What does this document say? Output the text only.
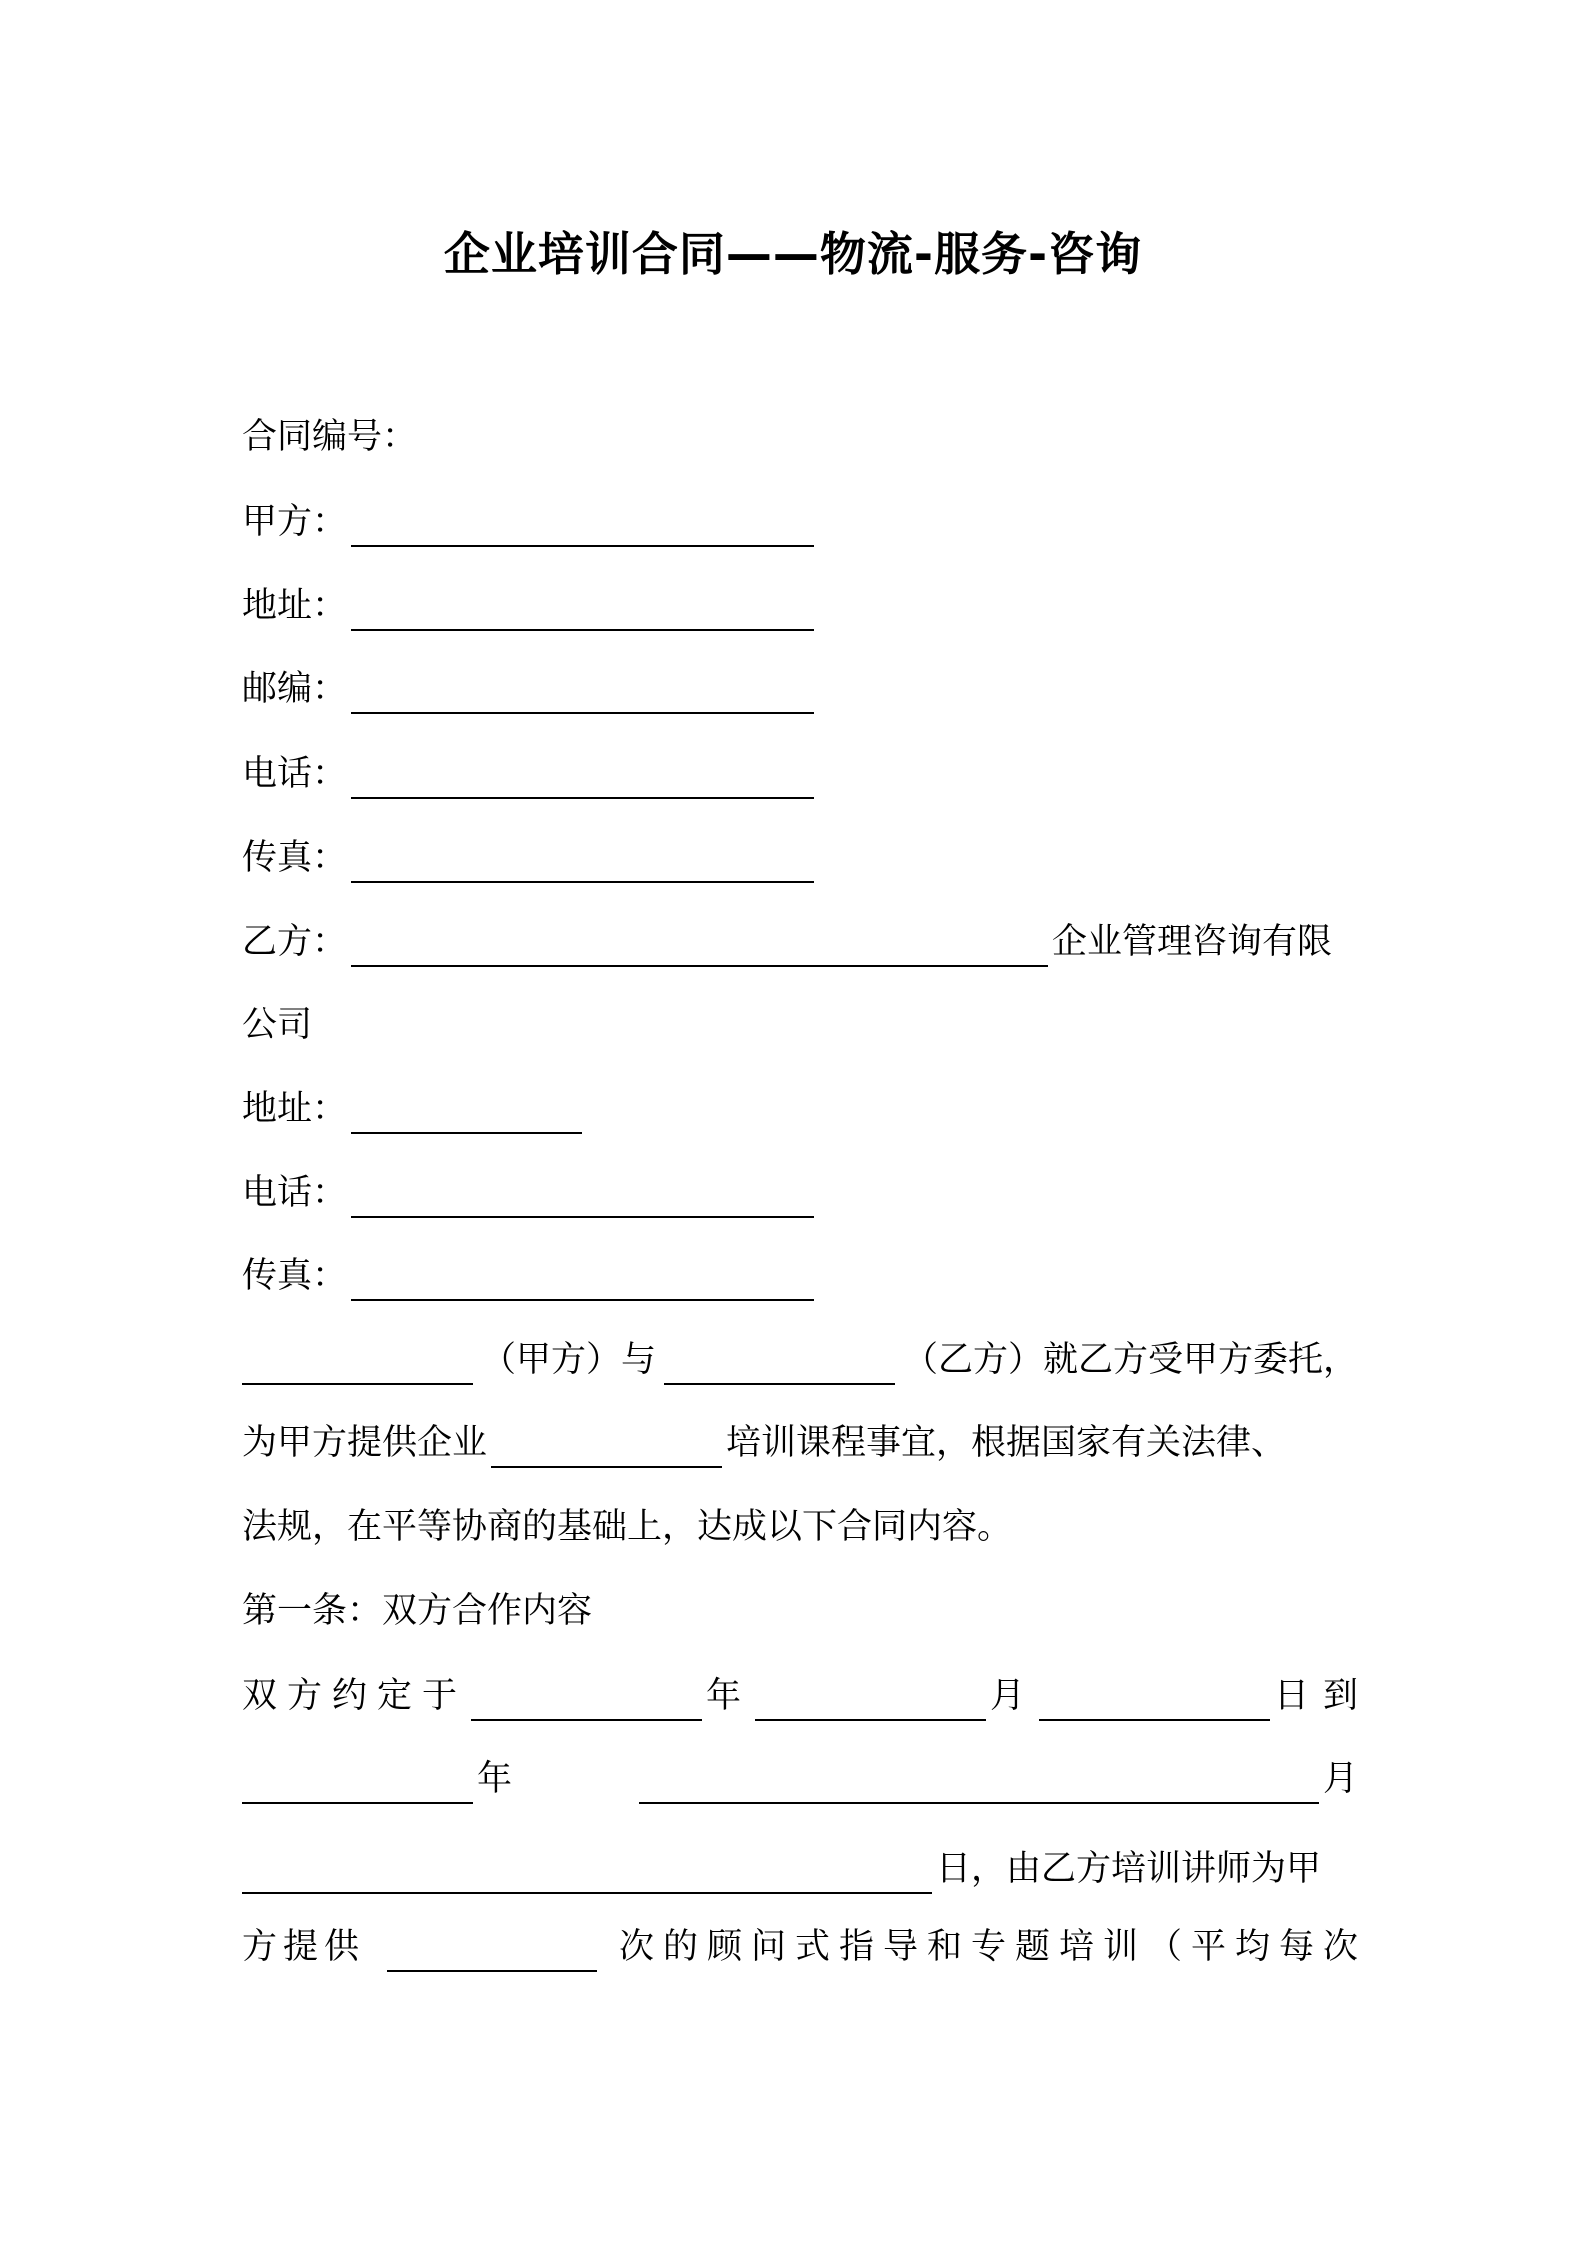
企业培训合同——物流-服务-咨询
合同编号：
甲方：
地址：
邮编：
电话：
传真：
乙方：	企业管理咨询有限
公司
地址：
电话：
传真：
（甲方）与	（乙方）就乙方受甲方委托，
为甲方提供企业	培训课程事宜，根据国家有关法律、
法规，在平等协商的基础上，达成以下合同内容。
第一条：双方合作内容
双方约定于	年	月	日到
年	月
日，由乙方培训讲师为甲
方提供	次的顾问式指导和专题培训（平均每次
